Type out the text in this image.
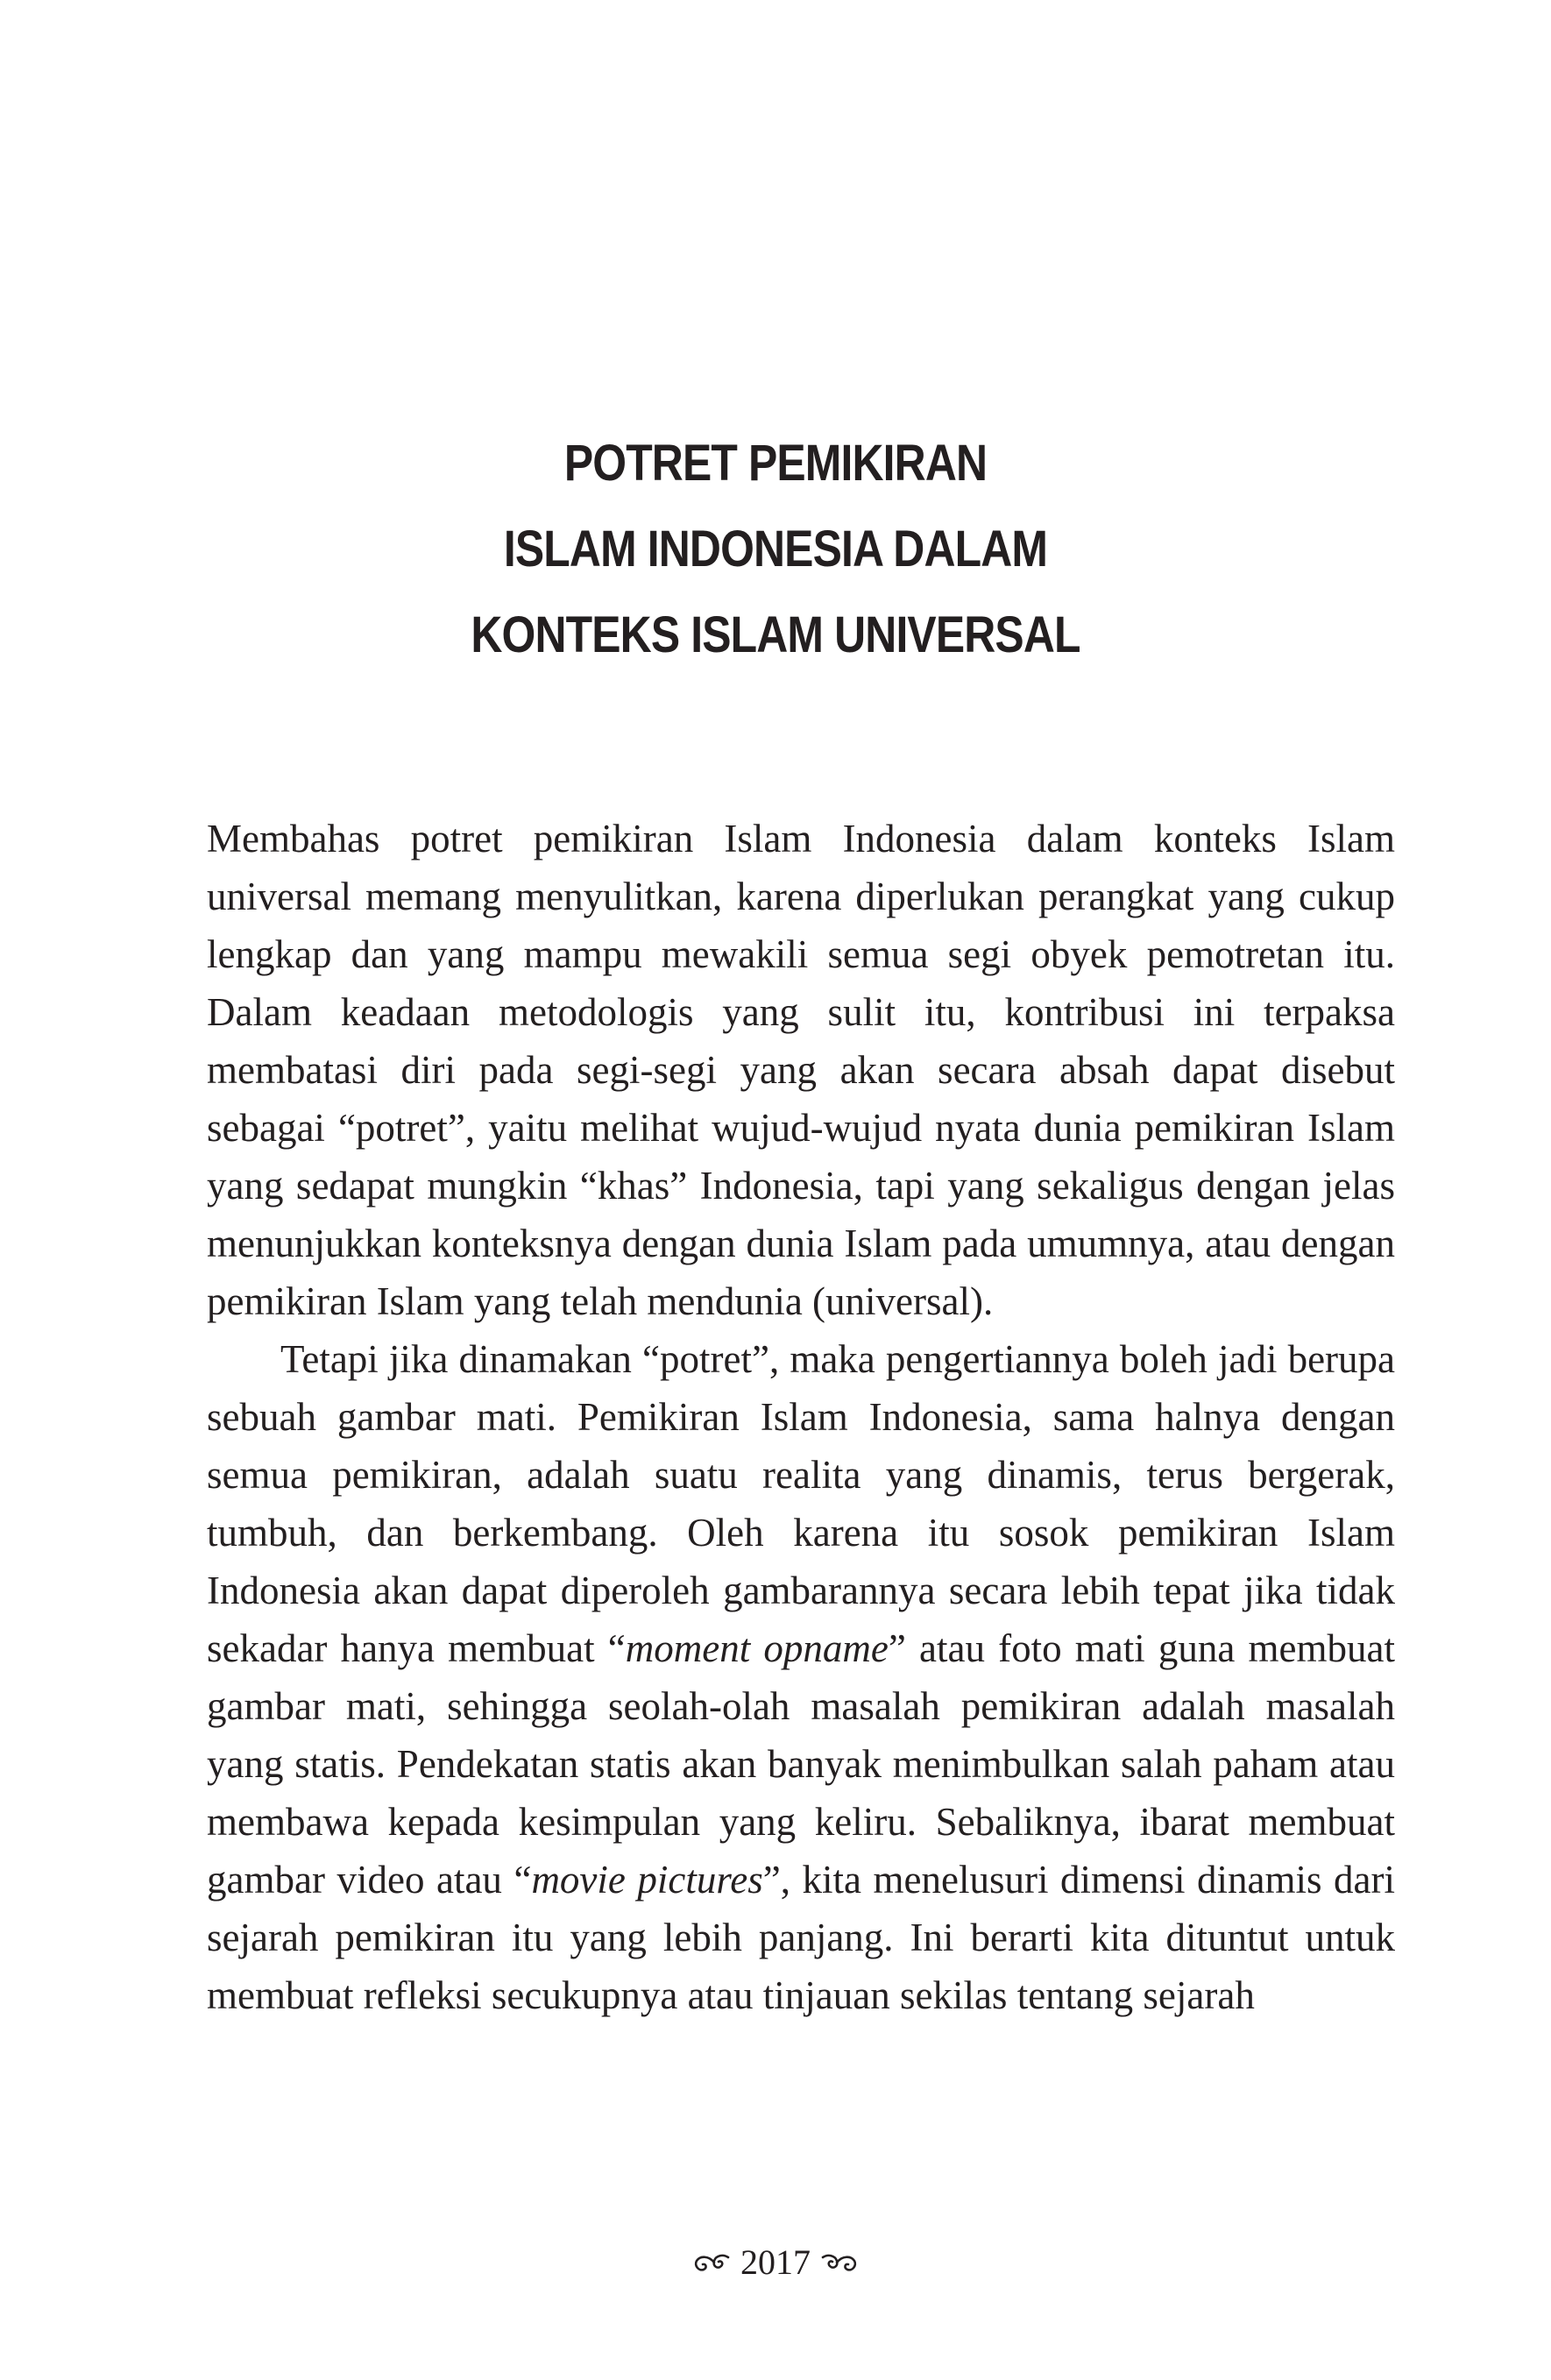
POTRET PEMIKIRAN
ISLAM INDONESIA DALAM
KONTEKS ISLAM UNIVERSAL

Membahas potret pemikiran Islam Indonesia dalam konteks Islam universal memang menyulitkan, karena diperlukan perangkat yang cukup lengkap dan yang mampu mewakili semua segi obyek pemotretan itu. Dalam keadaan metodologis yang sulit itu, kontribusi ini terpaksa membatasi diri pada segi-segi yang akan secara absah dapat disebut sebagai “potret”, yaitu melihat wujud-wujud nyata dunia pemikiran Islam yang sedapat mungkin “khas” Indonesia, tapi yang sekaligus dengan jelas menunjukkan konteksnya dengan dunia Islam pada umumnya, atau dengan pemikiran Islam yang telah mendunia (universal).

Tetapi jika dinamakan “potret”, maka pengertiannya boleh jadi berupa sebuah gambar mati. Pemikiran Islam Indonesia, sama halnya dengan semua pemikiran, adalah suatu realita yang dinamis, terus bergerak, tumbuh, dan berkembang. Oleh karena itu sosok pemikiran Islam Indonesia akan dapat diperoleh gambarannya secara lebih tepat jika tidak sekadar hanya membuat “moment opname” atau foto mati guna membuat gambar mati, sehingga seolah-olah masalah pemikiran adalah masalah yang statis. Pendekatan statis akan banyak menimbulkan salah paham atau membawa kepada kesimpulan yang keliru. Sebaliknya, ibarat membuat gambar video atau “movie pictures”, kita menelusuri dimensi dinamis dari sejarah pemikiran itu yang lebih panjang. Ini berarti kita dituntut untuk membuat refleksi secukupnya atau tinjauan sekilas tentang sejarah

2017
